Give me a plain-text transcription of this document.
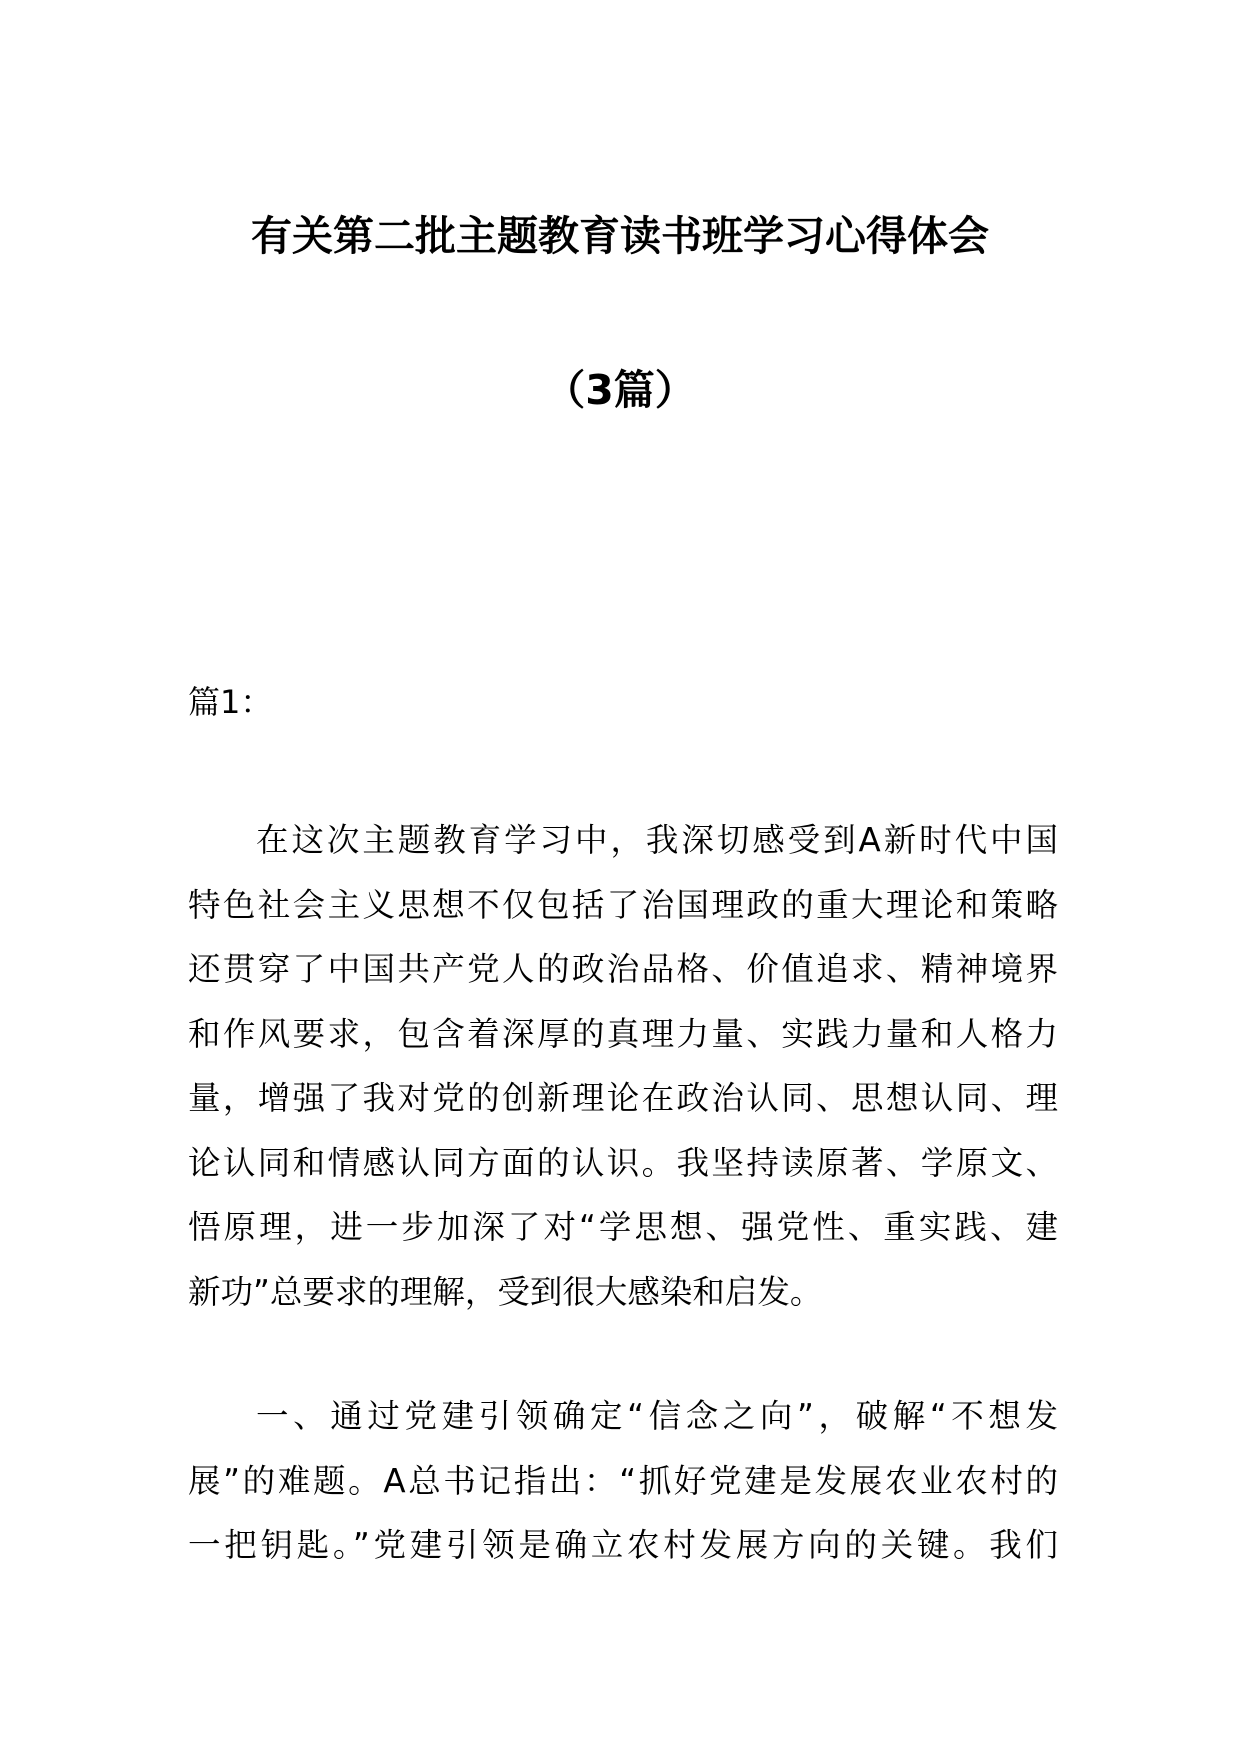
有关第二批主题教育读书班学习心得体会
（3篇）
篇1：
在这次主题教育学习中，我深切感受到A新时代中国
特色社会主义思想不仅包括了治国理政的重大理论和策略
还贯穿了中国共产党人的政治品格、价值追求、精神境界
和作风要求，包含着深厚的真理力量、实践力量和人格力
量，增强了我对党的创新理论在政治认同、思想认同、理
论认同和情感认同方面的认识。我坚持读原著、学原文、
悟原理，进一步加深了对“学思想、强党性、重实践、建
新功”总要求的理解，受到很大感染和启发。
一、通过党建引领确定“信念之向”，破解“不想发
展”的难题。A总书记指出：“抓好党建是发展农业农村的
一把钥匙。”党建引领是确立农村发展方向的关键。我们
